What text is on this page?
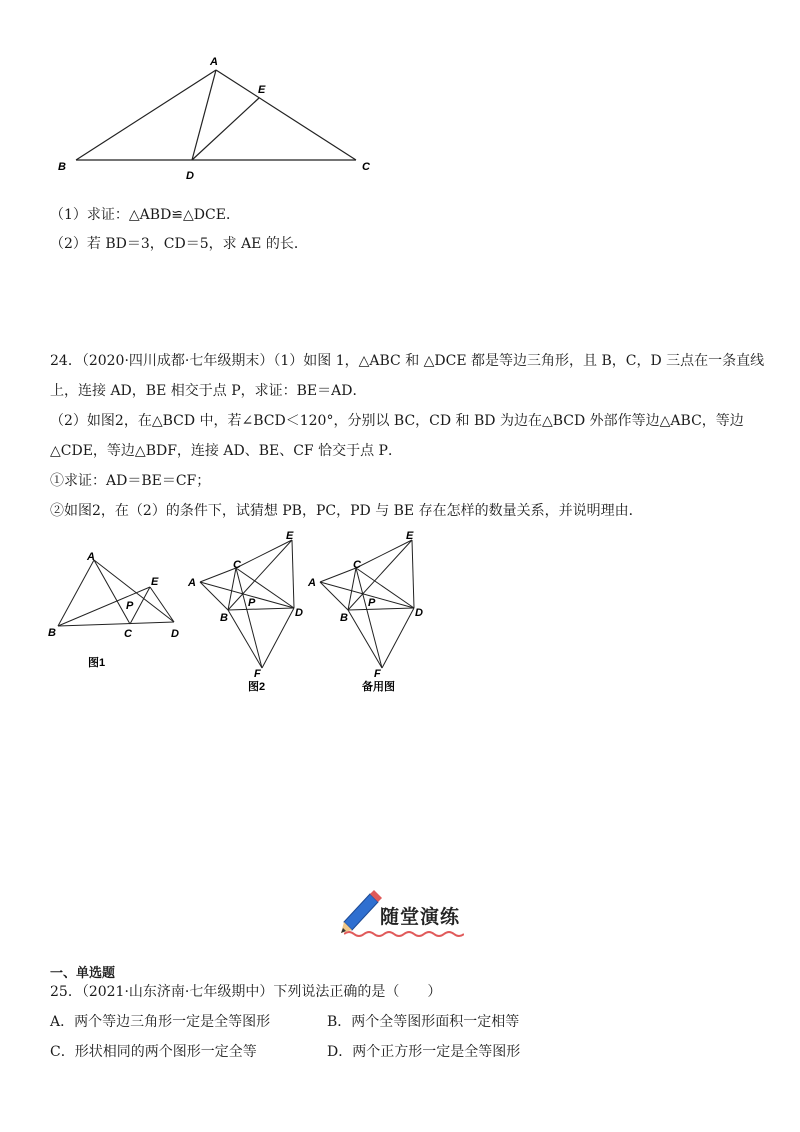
A
E
B
D
C
（1）求证：△ABD≌△DCE．
（2）若 BD＝3，CD＝5，求 AE 的长．
24．（2020·四川成都·七年级期末）（1）如图 1，△ABC 和 △DCE 都是等边三角形，且 B，C，D 三点在一条直线
上，连接 AD，BE 相交于点 P，求证：BE＝AD．
（2）如图2，在△BCD 中，若∠BCD＜120°，分别以 BC，CD 和 BD 为边在△BCD 外部作等边△ABC，等边
△CDE，等边△BDF，连接 AD、BE、CF 恰交于点 P．
①求证：AD＝BE＝CF；
②如图2，在（2）的条件下，试猜想 PB，PC，PD 与 BE 存在怎样的数量关系，并说明理由．
A
E
P
B	C	D
图1
E
C
A
P
B	D
F
图2
E
C
A
P
B	D
F
备用图
随堂演练
一、单选题
25．（2021·山东济南·七年级期中）下列说法正确的是（　　）
A．两个等边三角形一定是全等图形	B．两个全等图形面积一定相等
C．形状相同的两个图形一定全等	D．两个正方形一定是全等图形
